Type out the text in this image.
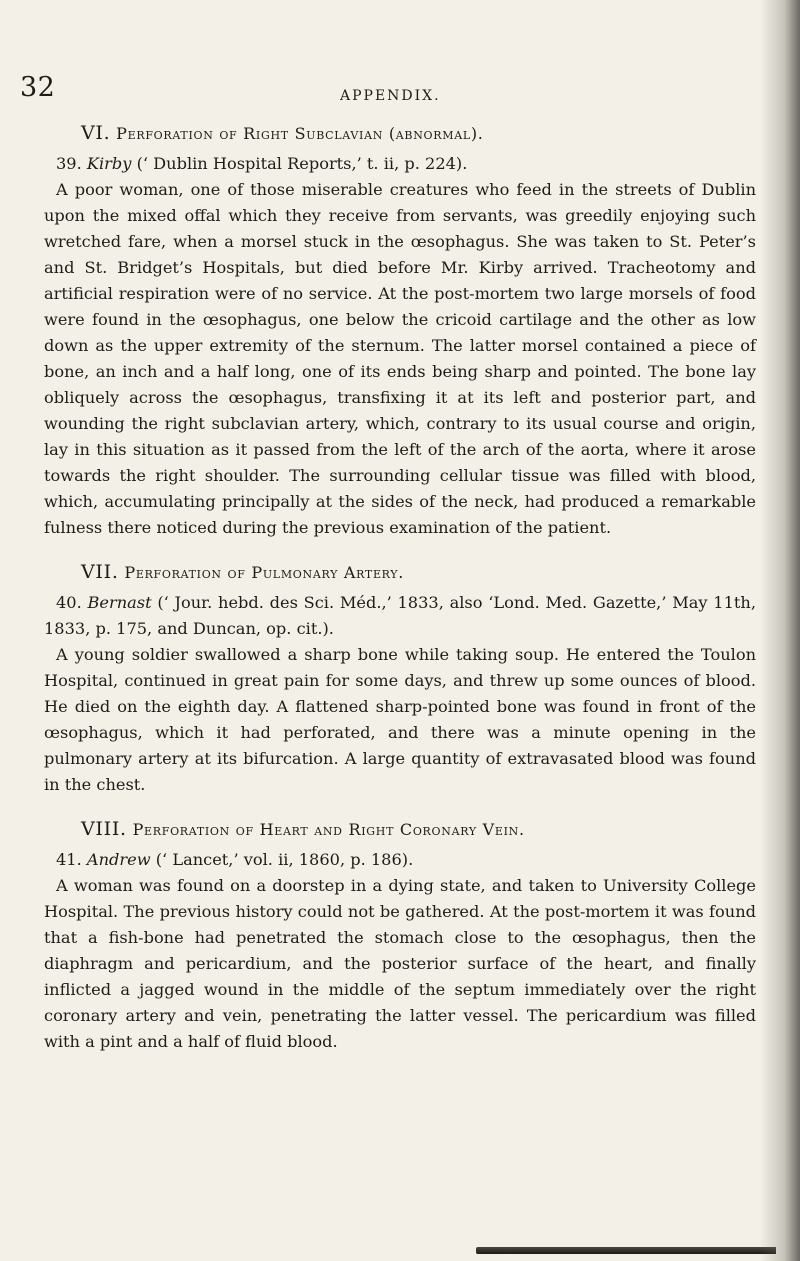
32	APPENDIX.
VI. Perforation of Right Subclavian (abnormal).

39. Kirby (‘ Dublin Hospital Reports,’ t. ii, p. 224).

A poor woman, one of those miserable creatures who feed in the streets of Dublin upon the mixed offal which they receive from servants, was greedily enjoying such wretched fare, when a morsel stuck in the œsophagus. She was taken to St. Peter’s and St. Bridget’s Hospitals, but died before Mr. Kirby arrived. Tracheotomy and artificial respiration were of no service. At the post-mortem two large morsels of food were found in the œsophagus, one below the cricoid cartilage and the other as low down as the upper extremity of the sternum. The latter morsel contained a piece of bone, an inch and a half long, one of its ends being sharp and pointed. The bone lay obliquely across the œsophagus, transfixing it at its left and posterior part, and wounding the right subclavian artery, which, contrary to its usual course and origin, lay in this situation as it passed from the left of the arch of the aorta, where it arose towards the right shoulder. The surrounding cellular tissue was filled with blood, which, accumulating principally at the sides of the neck, had produced a remarkable fulness there noticed during the previous examination of the patient.

VII. Perforation of Pulmonary Artery.

40. Bernast (‘ Jour. hebd. des Sci. Méd.,’ 1833, also ‘Lond. Med. Gazette,’ May 11th, 1833, p. 175, and Duncan, op. cit.).

A young soldier swallowed a sharp bone while taking soup. He entered the Toulon Hospital, continued in great pain for some days, and threw up some ounces of blood. He died on the eighth day. A flattened sharp-pointed bone was found in front of the œsophagus, which it had perforated, and there was a minute opening in the pulmonary artery at its bifurcation. A large quantity of extravasated blood was found in the chest.

VIII. Perforation of Heart and Right Coronary Vein.

41. Andrew (‘ Lancet,’ vol. ii, 1860, p. 186).

A woman was found on a doorstep in a dying state, and taken to University College Hospital. The previous history could not be gathered. At the post-mortem it was found that a fish-bone had penetrated the stomach close to the œsophagus, then the diaphragm and pericardium, and the posterior surface of the heart, and finally inflicted a jagged wound in the middle of the septum immediately over the right coronary artery and vein, penetrating the latter vessel. The pericardium was filled with a pint and a half of fluid blood.
